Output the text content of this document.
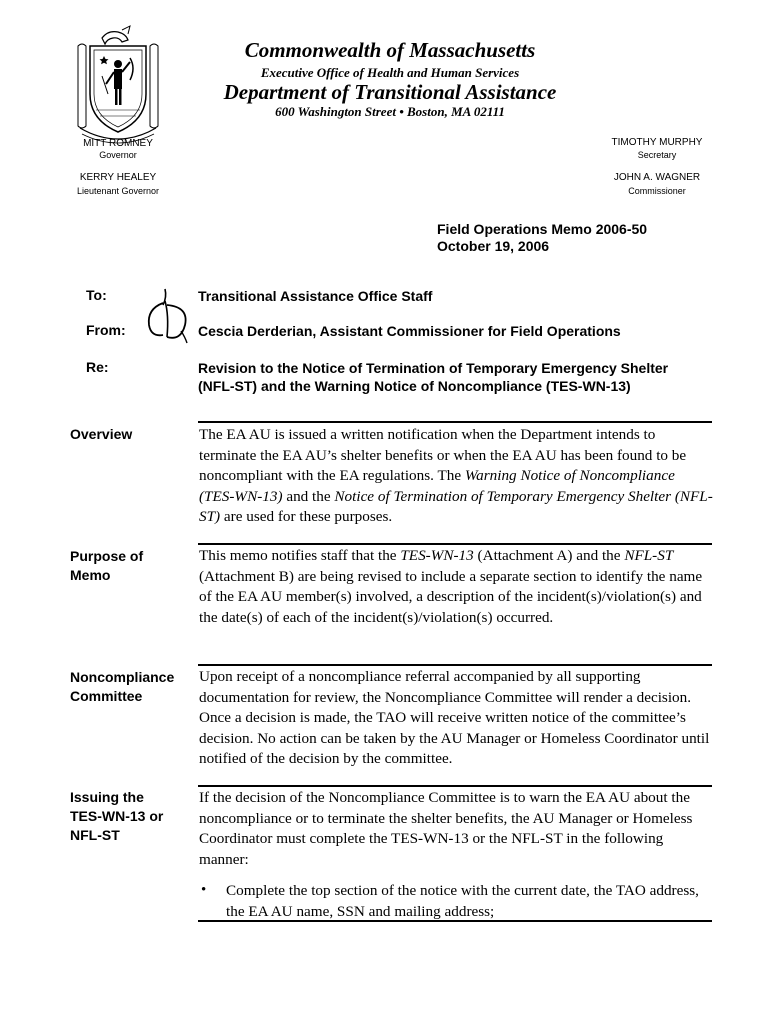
Commonwealth of Massachusetts
Executive Office of Health and Human Services
Department of Transitional Assistance
600 Washington Street • Boston, MA 02111
MITT ROMNEY
Governor
KERRY HEALEY
Lieutenant Governor
TIMOTHY MURPHY
Secretary
JOHN A. WAGNER
Commissioner
Field Operations Memo 2006-50
October 19, 2006
To:	Transitional Assistance Office Staff
From:	Cescia Derderian, Assistant Commissioner for Field Operations
Re:	Revision to the Notice of Termination of Temporary Emergency Shelter
(NFL-ST) and the Warning Notice of Noncompliance (TES-WN-13)
Overview	The EA AU is issued a written notification when the Department intends to terminate the EA AU’s shelter benefits or when the EA AU has been found to be noncompliant with the EA regulations. The Warning Notice of Noncompliance (TES-WN-13) and the Notice of Termination of Temporary Emergency Shelter (NFL-ST) are used for these purposes.
Purpose of
Memo
This memo notifies staff that the TES-WN-13 (Attachment A) and the NFL-ST (Attachment B) are being revised to include a separate section to identify the name of the EA AU member(s) involved, a description of the incident(s)/violation(s) and the date(s) of each of the incident(s)/violation(s) occurred.
Noncompliance
Committee
Upon receipt of a noncompliance referral accompanied by all supporting documentation for review, the Noncompliance Committee will render a decision. Once a decision is made, the TAO will receive written notice of the committee’s decision. No action can be taken by the AU Manager or Homeless Coordinator until notified of the decision by the committee.
Issuing the
TES-WN-13 or
NFL-ST
If the decision of the Noncompliance Committee is to warn the EA AU about the noncompliance or to terminate the shelter benefits, the AU Manager or Homeless Coordinator must complete the TES-WN-13 or the NFL-ST in the following manner:
• Complete the top section of the notice with the current date, the TAO address, the EA AU name, SSN and mailing address;
